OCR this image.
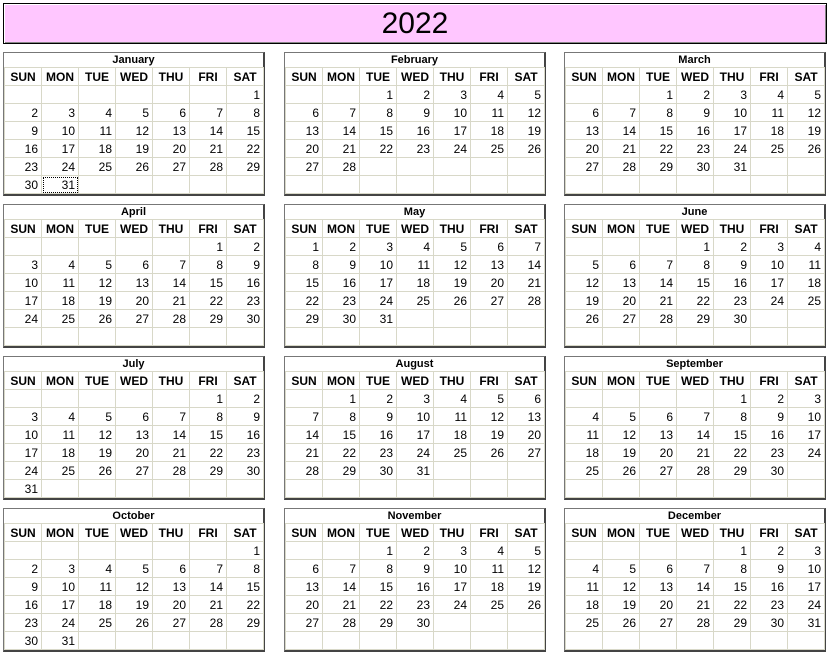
2022
January
SUN	MON	TUE	WED	THU	FRI	SAT
						1
2	3	4	5	6	7	8
9	10	11	12	13	14	15
16	17	18	19	20	21	22
23	24	25	26	27	28	29
30	31					
February
SUN	MON	TUE	WED	THU	FRI	SAT
		1	2	3	4	5
6	7	8	9	10	11	12
13	14	15	16	17	18	19
20	21	22	23	24	25	26
27	28					

March
SUN	MON	TUE	WED	THU	FRI	SAT
		1	2	3	4	5
6	7	8	9	10	11	12
13	14	15	16	17	18	19
20	21	22	23	24	25	26
27	28	29	30	31		

April
SUN	MON	TUE	WED	THU	FRI	SAT
					1	2
3	4	5	6	7	8	9
10	11	12	13	14	15	16
17	18	19	20	21	22	23
24	25	26	27	28	29	30

May
SUN	MON	TUE	WED	THU	FRI	SAT
1	2	3	4	5	6	7
8	9	10	11	12	13	14
15	16	17	18	19	20	21
22	23	24	25	26	27	28
29	30	31				

June
SUN	MON	TUE	WED	THU	FRI	SAT
			1	2	3	4
5	6	7	8	9	10	11
12	13	14	15	16	17	18
19	20	21	22	23	24	25
26	27	28	29	30		

July
SUN	MON	TUE	WED	THU	FRI	SAT
					1	2
3	4	5	6	7	8	9
10	11	12	13	14	15	16
17	18	19	20	21	22	23
24	25	26	27	28	29	30
31						
August
SUN	MON	TUE	WED	THU	FRI	SAT
	1	2	3	4	5	6
7	8	9	10	11	12	13
14	15	16	17	18	19	20
21	22	23	24	25	26	27
28	29	30	31			

September
SUN	MON	TUE	WED	THU	FRI	SAT
				1	2	3
4	5	6	7	8	9	10
11	12	13	14	15	16	17
18	19	20	21	22	23	24
25	26	27	28	29	30	

October
SUN	MON	TUE	WED	THU	FRI	SAT
						1
2	3	4	5	6	7	8
9	10	11	12	13	14	15
16	17	18	19	20	21	22
23	24	25	26	27	28	29
30	31					
November
SUN	MON	TUE	WED	THU	FRI	SAT
		1	2	3	4	5
6	7	8	9	10	11	12
13	14	15	16	17	18	19
20	21	22	23	24	25	26
27	28	29	30			

December
SUN	MON	TUE	WED	THU	FRI	SAT
				1	2	3
4	5	6	7	8	9	10
11	12	13	14	15	16	17
18	19	20	21	22	23	24
25	26	27	28	29	30	31
